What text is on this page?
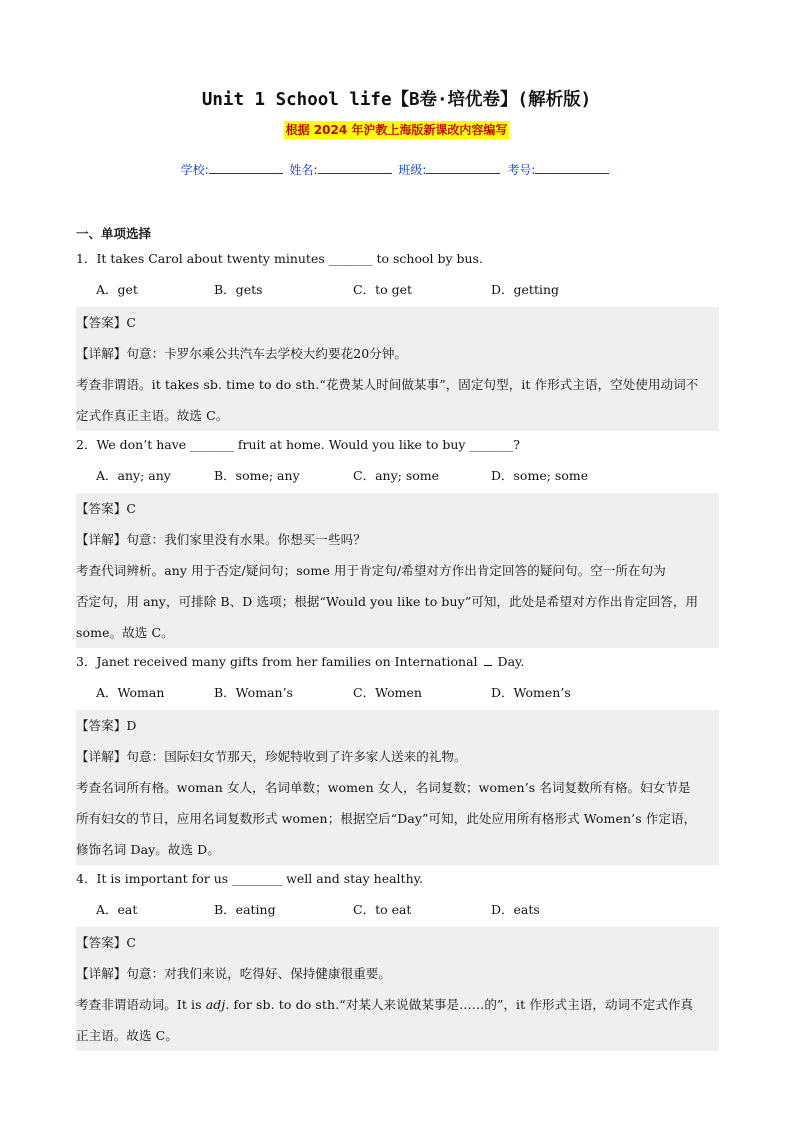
Unit 1 School life【B卷·培优卷】(解析版)
根据 2024 年沪教上海版新课改内容编写
学校:	姓名:	班级:	考号:
一、单项选择
1．It takes Carol about twenty minutes _______ to school by bus.
A．get	B．gets	C．to get	D．getting
【答案】C
【详解】句意：卡罗尔乘公共汽车去学校大约要花20分钟。
考查非谓语。it takes sb. time to do sth.“花费某人时间做某事”，固定句型，it 作形式主语，空处使用动词不
定式作真正主语。故选 C。
2．We don’t have _______ fruit at home. Would you like to buy _______?
A．any; any	B．some; any	C．any; some	D．some; some
【答案】C
【详解】句意：我们家里没有水果。你想买一些吗？
考查代词辨析。any 用于否定/疑问句；some 用于肯定句/希望对方作出肯定回答的疑问句。空一所在句为
否定句，用 any，可排除 B、D 选项；根据“Would you like to buy”可知，此处是希望对方作出肯定回答，用
some。故选 C。
3．Janet received many gifts from her families on International Day.
A．Woman	B．Woman’s	C．Women	D．Women’s
【答案】D
【详解】句意：国际妇女节那天，珍妮特收到了许多家人送来的礼物。
考查名词所有格。woman 女人，名词单数；women 女人，名词复数；women’s 名词复数所有格。妇女节是
所有妇女的节日，应用名词复数形式 women；根据空后“Day”可知，此处应用所有格形式 Women’s 作定语，
修饰名词 Day。故选 D。
4．It is important for us ________ well and stay healthy.
A．eat	B．eating	C．to eat	D．eats
【答案】C
【详解】句意：对我们来说，吃得好、保持健康很重要。
考查非谓语动词。It is adj. for sb. to do sth.“对某人来说做某事是……的”，it 作形式主语，动词不定式作真
正主语。故选 C。
